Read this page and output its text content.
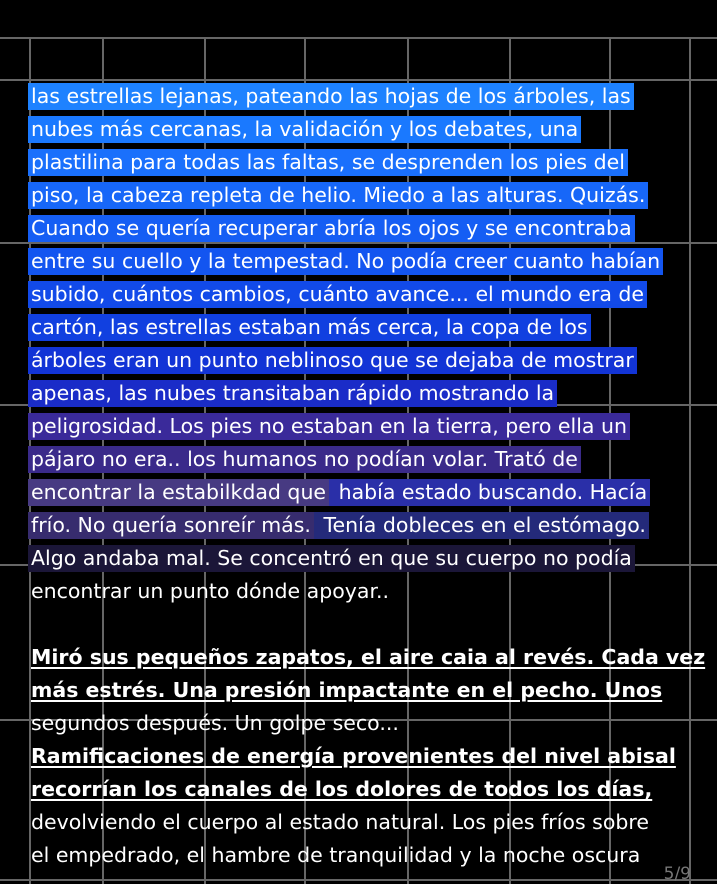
las estrellas lejanas, pateando las hojas de los árboles, las
nubes más cercanas, la validación y los debates, una
plastilina para todas las faltas, se desprenden los pies del
piso, la cabeza repleta de helio. Miedo a las alturas. Quizás.
Cuando se quería recuperar abría los ojos y se encontraba
entre su cuello y la tempestad. No podía creer cuanto habían
subido, cuántos cambios, cuánto avance... el mundo era de
cartón, las estrellas estaban más cerca, la copa de los
árboles eran un punto neblinoso que se dejaba de mostrar
apenas, las nubes transitaban rápido mostrando la
peligrosidad. Los pies no estaban en la tierra, pero ella un
pájaro no era.. los humanos no podían volar. Trató de
encontrar la estabilkdad que había estado buscando. Hacía
frío. No quería sonreír más. Tenía dobleces en el estómago.
Algo andaba mal. Se concentró en que su cuerpo no podía
encontrar un punto dónde apoyar..
Miró sus pequeños zapatos, el aire caia al revés. Cada vez
más estrés. Una presión impactante en el pecho. Unos
segundos después. Un golpe seco...
Ramificaciones de energía provenientes del nivel abisal
recorrían los canales de los dolores de todos los días,
devolviendo el cuerpo al estado natural. Los pies fríos sobre
el empedrado, el hambre de tranquilidad y la noche oscura
5/9
